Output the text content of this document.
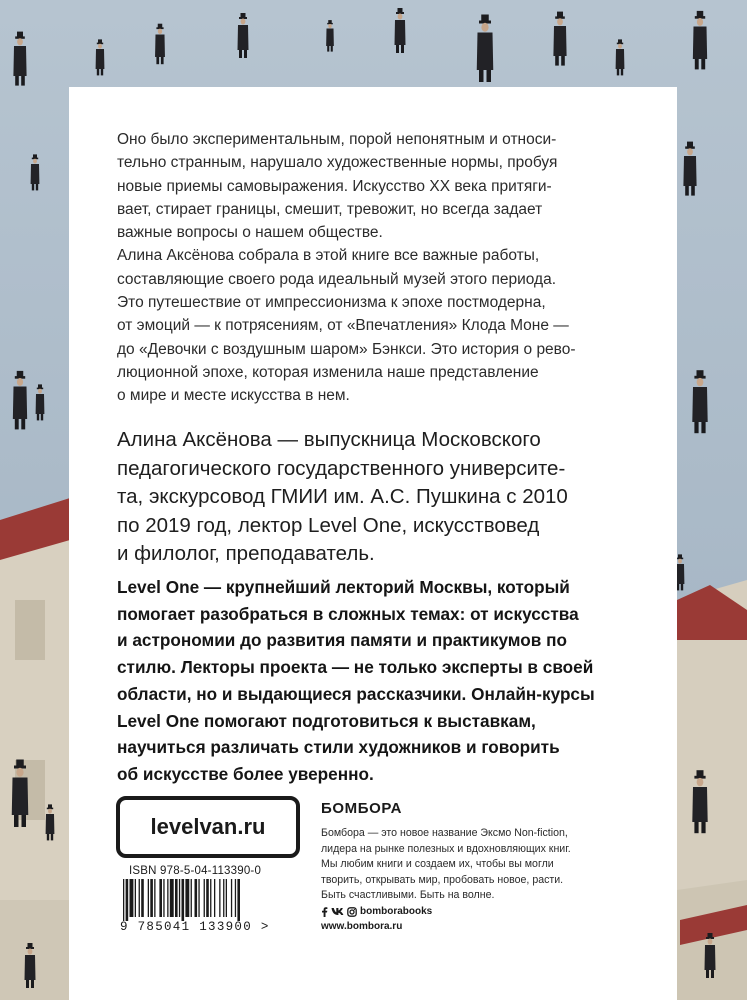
Оно было экспериментальным, порой непонятным и относи-
тельно странным, нарушало художественные нормы, пробуя
новые приемы самовыражения. Искусство XX века притяги-
вает, стирает границы, смешит, тревожит, но всегда задает
важные вопросы о нашем обществе.

Алина Аксёнова собрала в этой книге все важные работы,
составляющие своего рода идеальный музей этого периода.

Это путешествие от импрессионизма к эпохе постмодерна,
от эмоций — к потрясениям, от «Впечатления» Клода Моне —
до «Девочки с воздушным шаром» Бэнкси. Это история о рево-
люционной эпохе, которая изменила наше представление
о мире и месте искусства в нем.

Алина Аксёнова — выпускница Московского
педагогического государственного университе-
та, экскурсовод ГМИИ им. А.С. Пушкина с 2010
по 2019 год, лектор Level One, искусствовед
и филолог, преподаватель.

Level One — крупнейший лекторий Москвы, который
помогает разобраться в сложных темах: от искусства
и астрономии до развития памяти и практикумов по
стилю. Лекторы проекта — не только эксперты в своей
области, но и выдающиеся рассказчики. Онлайн-курсы
Level One помогают подготовиться к выставкам,
научиться различать стили художников и говорить
об искусстве более уверенно.

levelvan.ru
ISBN 978-5-04-113390-0
9 785041 133900 >
БОМБОРА

Бомбора — это новое название Эксмо Non-fiction,
лидера на рынке полезных и вдохновляющих книг.
Мы любим книги и создаем их, чтобы вы могли
творить, открывать мир, пробовать новое, расти.
Быть счастливыми. Быть на волне.

bomborabooks
www.bombora.ru
